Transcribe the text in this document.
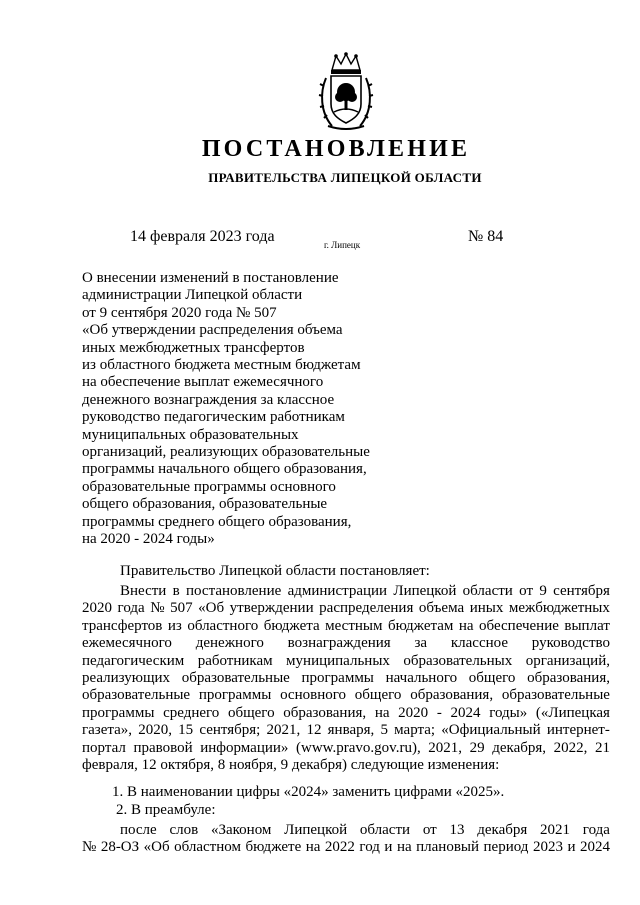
ПОСТАНОВЛЕНИЕ
ПРАВИТЕЛЬСТВА ЛИПЕЦКОЙ ОБЛАСТИ
14 февраля 2023 года	г. Липецк	№ 84
О внесении изменений в постановление
администрации Липецкой области
от 9 сентября 2020 года № 507
«Об утверждении распределения объема
иных межбюджетных трансфертов
из областного бюджета местным бюджетам
на обеспечение выплат ежемесячного
денежного вознаграждения за классное
руководство педагогическим работникам
муниципальных образовательных
организаций, реализующих образовательные
программы начального общего образования,
образовательные программы основного
общего образования, образовательные
программы среднего общего образования,
на 2020 - 2024 годы»
Правительство Липецкой области постановляет:
Внести в постановление администрации Липецкой области от 9 сентября
2020 года № 507 «Об утверждении распределения объема иных межбюджетных
трансфертов из областного бюджета местным бюджетам на обеспечение выплат
ежемесячного денежного вознаграждения за классное руководство
педагогическим работникам муниципальных образовательных организаций,
реализующих образовательные программы начального общего образования,
образовательные программы основного общего образования, образовательные
программы среднего общего образования, на 2020 - 2024 годы» («Липецкая
газета», 2020, 15 сентября; 2021, 12 января, 5 марта; «Официальный интернет-
портал правовой информации» (www.pravo.gov.ru), 2021, 29 декабря, 2022, 21
февраля, 12 октября, 8 ноября, 9 декабря) следующие изменения:
1. В наименовании цифры «2024» заменить цифрами «2025».
2. В преамбуле:
после слов «Законом Липецкой области от 13 декабря 2021 года
№ 28-ОЗ «Об областном бюджете на 2022 год и на плановый период 2023 и 2024
